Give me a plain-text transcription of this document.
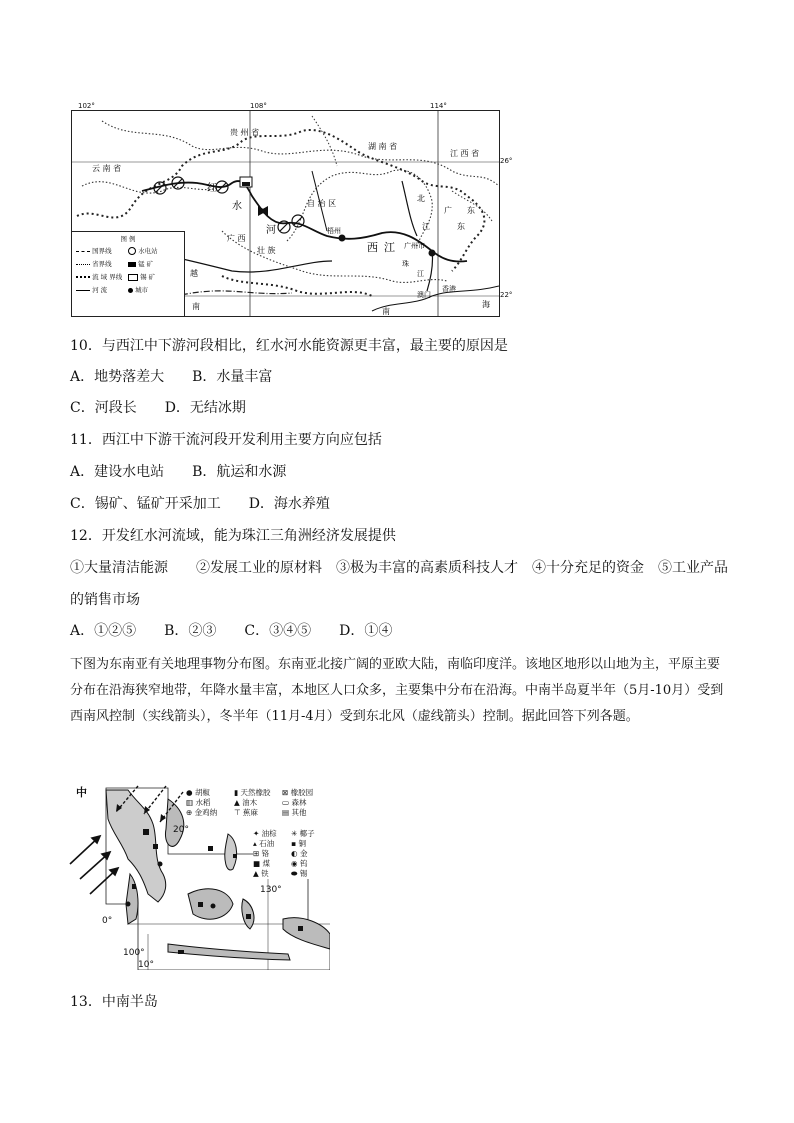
贵 州 省
湖 南 省
江 西 省
云 南 省
红
水
河
自 治 区
广 西
壮 族	西 江
梧州
广州市
北
江	东
广 东
珠
江
越
南
南
海
澳门
香港
图 例
国界线	水电站
省界线	锰 矿
流 域 界线	锡 矿
河 流	城市
102°	108°	114°
26°
22°
10．与西江中下游河段相比，红水河水能资源更丰富，最主要的原因是
A．地势落差大　　B．水量丰富
C．河段长　　D．无结冰期
11．西江中下游干流河段开发利用主要方向应包括
A．建设水电站　　B．航运和水源
C．锡矿、锰矿开采加工　　D．海水养殖
12．开发红水河流域，能为珠江三角洲经济发展提供
①大量清洁能源　　②发展工业的原材料　③极为丰富的高素质科技人才　④十分充足的资金　⑤工业产品
的销售市场
A．①②⑤　　B．②③　　C．③④⑤　　D．①④
下图为东南亚有关地理事物分布图。东南亚北接广阔的亚欧大陆，南临印度洋。该地区地形以山地为主，平原主要分布在沿海狭窄地带，年降水量丰富，本地区人口众多，主要集中分布在沿海。中南半岛夏半年（5月-10月）受到西南风控制（实线箭头），冬半年（11月-4月）受到东北风（虚线箭头）控制。据此回答下列各题。
中
20°
0°
10°
130°
100°
● 胡椒	▮ 天然橡胶	⊠ 橡胶园
▥ 水稻	▲ 油木	▭ 森林
⊕ 金鸡纳	⊤ 蕉麻	▤ 其他
✦ 油棕	✳ 椰子
▴ 石油	▪ 铜
⊞ 铬	◐ 金
■ 煤	◉ 钨
▲ 铁	⬬ 锡
13．中南半岛
